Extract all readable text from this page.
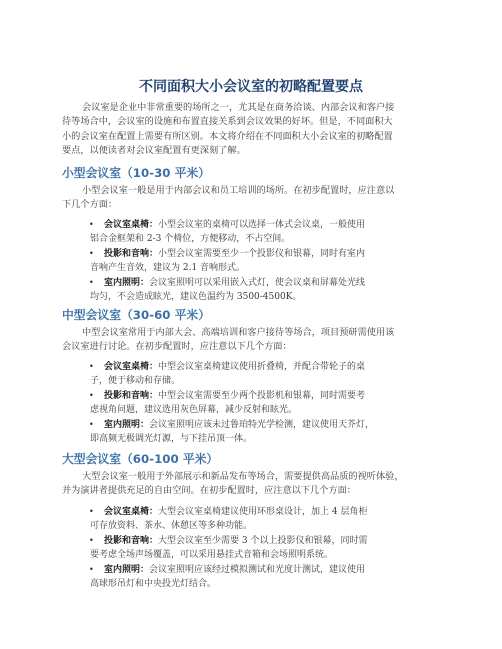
不同面积大小会议室的初略配置要点
会议室是企业中非常重要的场所之一，尤其是在商务洽谈、内部会议和客户接
待等场合中，会议室的设施和布置直接关系到会议效果的好坏。但是，不同面积大
小的会议室在配置上需要有所区别。本文将介绍在不同面积大小会议室的初略配置
要点，以便读者对会议室配置有更深刻了解。
小型会议室（10-30 平米）
小型会议室一般是用于内部会议和员工培训的场所。在初步配置时，应注意以
下几个方面：
•	会议室桌椅：小型会议室的桌椅可以选择一体式会议桌，一般使用
铝合金框架和 2-3 个椅位，方便移动，不占空间。
•	投影和音响：小型会议室需要至少一个投影仪和银幕，同时有室内
音响产生音效，建议为 2.1 音响形式。
•	室内照明：会议室照明可以采用嵌入式灯，使会议桌和屏幕处光线
均匀，不会造成眩光，建议色温约为 3500-4500K。
中型会议室（30-60 平米）
中型会议室常用于内部大会、高端培训和客户接待等场合，项目预研需使用该
会议室进行讨论。在初步配置时，应注意以下几个方面：
•	会议室桌椅：中型会议室桌椅建议使用折叠椅，并配合带轮子的桌
子，便于移动和存储。
•	投影和音响：中型会议室需要至少两个投影机和银幕，同时需要考
虑视角问题，建议选用灰色屏幕，减少反射和眩光。
•	室内照明：会议室照明应该未过鲁珀特光学检测，建议使用天芥灯，
即高频无极调光灯源，与下挂吊顶一体。
大型会议室（60-100 平米）
大型会议室一般用于外部展示和新品发布等场合，需要提供高品质的视听体验，
并为演讲者提供充足的自由空间。在初步配置时，应注意以下几个方面：
•	会议室桌椅：大型会议室桌椅建议使用环形桌设计，加上 4 层角柜
可存放资料、茶水、休憩区等多种功能。
•	投影和音响：大型会议室至少需要 3 个以上投影仪和银幕，同时需
要考虑全场声场覆盖，可以采用悬挂式音箱和会场照明系统。
•	室内照明：会议室照明应该经过模拟测试和光度计测试，建议使用
高球形吊灯和中央投光灯结合。
